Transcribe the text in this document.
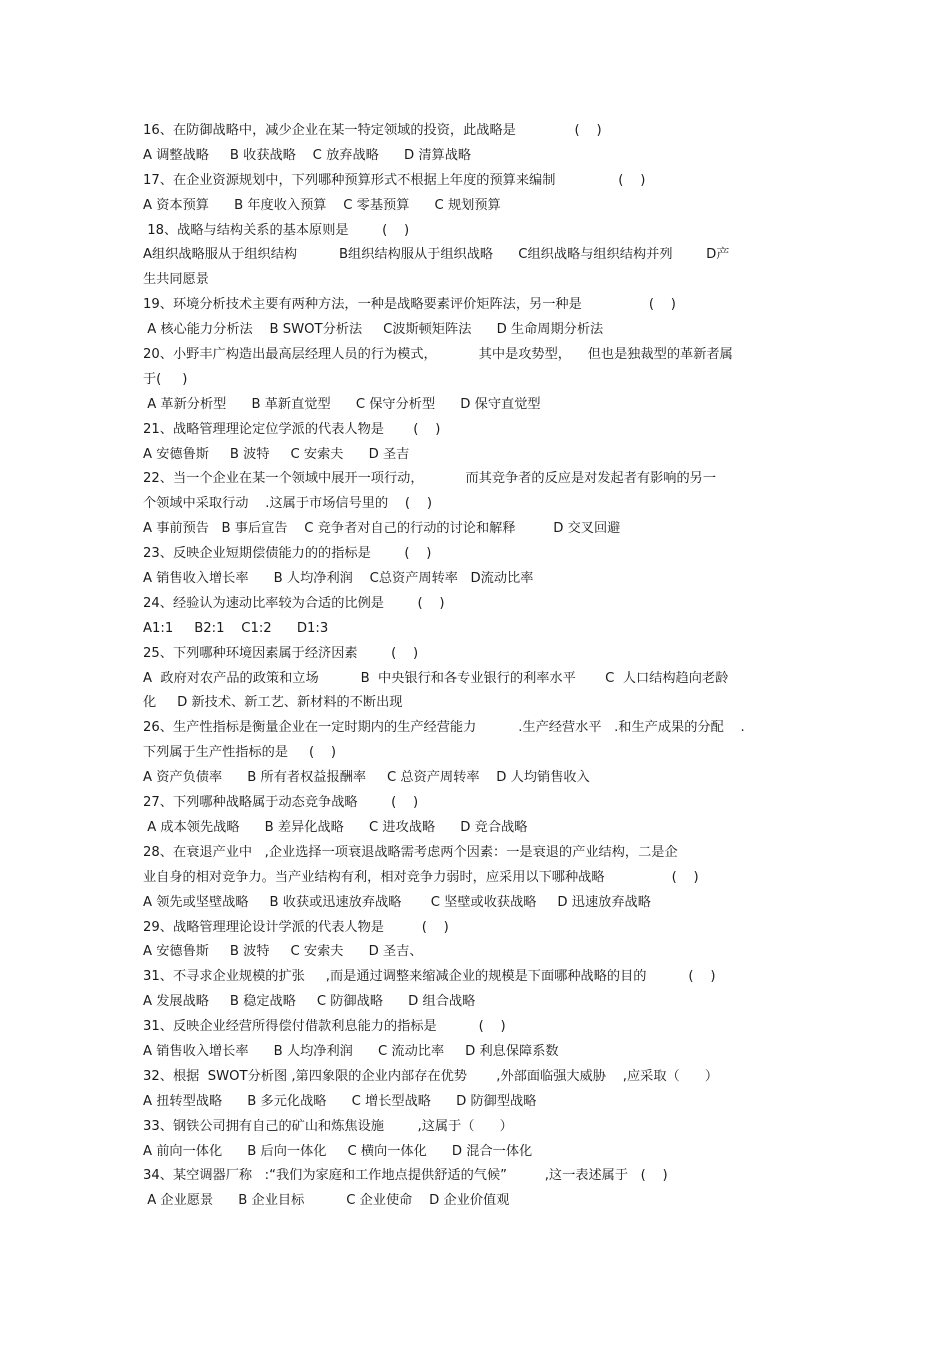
16、在防御战略中，减少企业在某一特定领域的投资，此战略是              (    )
A 调整战略     B 收获战略    C 放弃战略      D 清算战略
17、在企业资源规划中，下列哪种预算形式不根据上年度的预算来编制               (    )
A 资本预算      B 年度收入预算    C 零基预算      C 规划预算
18、战略与结构关系的基本原则是        (    )
A组织战略服从于组织结构          B组织结构服从于组织战略      C组织战略与组织结构并列        D产
生共同愿景
19、环境分析技术主要有两种方法，一种是战略要素评价矩阵法，另一种是                (    )
A 核心能力分析法    B SWOT分析法     C波斯顿矩阵法      D 生命周期分析法
20、小野丰广构造出最高层经理人员的行为模式，          其中是攻势型，    但也是独裁型的革新者属
于(     )
A 革新分析型      B 革新直觉型      C 保守分析型      D 保守直觉型
21、战略管理理论定位学派的代表人物是       (    )
A 安德鲁斯     B 波特     C 安索夫      D 圣吉
22、当一个企业在某一个领域中展开一项行动，          而其竞争者的反应是对发起者有影响的另一
个领域中采取行动    .这属于市场信号里的    (    )
A 事前预告   B 事后宣告    C 竞争者对自己的行动的讨论和解释         D 交叉回避
23、反映企业短期偿债能力的的指标是        (    )
A 销售收入增长率      B 人均净利润    C总资产周转率   D流动比率
24、经验认为速动比率较为合适的比例是        (    )
A1:1     B2:1    C1:2      D1:3
25、下列哪种环境因素属于经济因素        (    )
A  政府对农产品的政策和立场          B  中央银行和各专业银行的利率水平       C  人口结构趋向老龄
化     D 新技术、新工艺、新材料的不断出现
26、生产性指标是衡量企业在一定时期内的生产经营能力          .生产经营水平   .和生产成果的分配    .
下列属于生产性指标的是     (    )
A 资产负债率      B 所有者权益报酬率     C 总资产周转率    D 人均销售收入
27、下列哪种战略属于动态竞争战略        (    )
A 成本领先战略      B 差异化战略      C 进攻战略      D 竞合战略
28、在衰退产业中   ,企业选择一项衰退战略需考虑两个因素：一是衰退的产业结构，二是企
业自身的相对竞争力。当产业结构有利，相对竞争力弱时，应采用以下哪种战略                (    )
A 领先或坚壁战略     B 收获或迅速放弃战略       C 坚壁或收获战略     D 迅速放弃战略
29、战略管理理论设计学派的代表人物是         (    )
A 安德鲁斯     B 波特     C 安索夫      D 圣吉、
31、不寻求企业规模的扩张     ,而是通过调整来缩减企业的规模是下面哪种战略的目的          (    )
A 发展战略     B 稳定战略     C 防御战略      D 组合战略
31、反映企业经营所得偿付借款利息能力的指标是          (    )
A 销售收入增长率      B 人均净利润      C 流动比率     D 利息保障系数
32、根据  SWOT分析图 ,第四象限的企业内部存在优势       ,外部面临强大威胁    ,应采取（      ）
A 扭转型战略      B 多元化战略      C 增长型战略      D 防御型战略
33、钢铁公司拥有自己的矿山和炼焦设施        ,这属于（      ）
A 前向一体化      B 后向一体化     C 横向一体化      D 混合一体化
34、某空调器厂称   :“我们为家庭和工作地点提供舒适的气候”         ,这一表述属于   (    )
A 企业愿景      B 企业目标          C 企业使命    D 企业价值观
